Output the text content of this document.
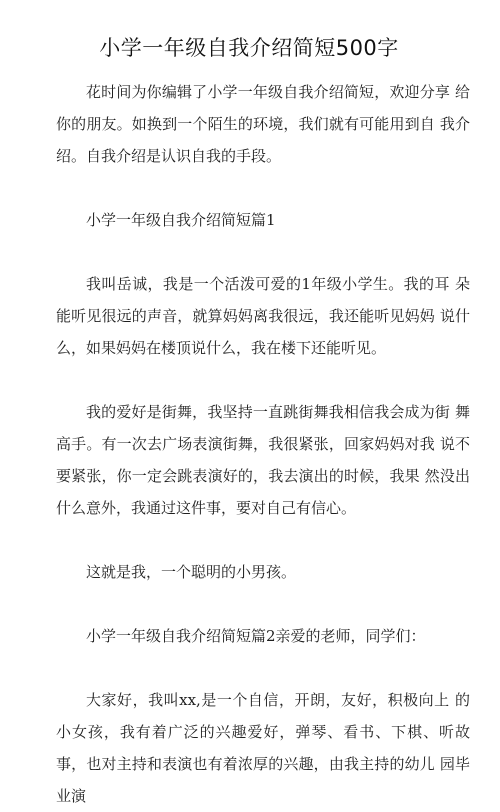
小学一年级自我介绍简短500字

花时间为你编辑了小学一年级自我介绍简短，欢迎分享 给你的朋友。如换到一个陌生的环境，我们就有可能用到自 我介绍。自我介绍是认识自我的手段。

小学一年级自我介绍简短篇1

我叫岳诚，我是一个活泼可爱的1年级小学生。我的耳 朵能听见很远的声音，就算妈妈离我很远，我还能听见妈妈 说什么，如果妈妈在楼顶说什么，我在楼下还能听见。

我的爱好是街舞，我坚持一直跳街舞我相信我会成为街 舞高手。有一次去广场表演街舞，我很紧张，回家妈妈对我 说不要紧张，你一定会跳表演好的，我去演出的时候，我果 然没出什么意外，我通过这件事，要对自己有信心。

这就是我，一个聪明的小男孩。

小学一年级自我介绍简短篇2亲爱的老师，同学们：

大家好，我叫xx,是一个自信，开朗，友好，积极向上 的小女孩，我有着广泛的兴趣爱好，弹琴、看书、下棋、听故事，也对主持和表演也有着浓厚的兴趣，由我主持的幼儿 园毕业演
